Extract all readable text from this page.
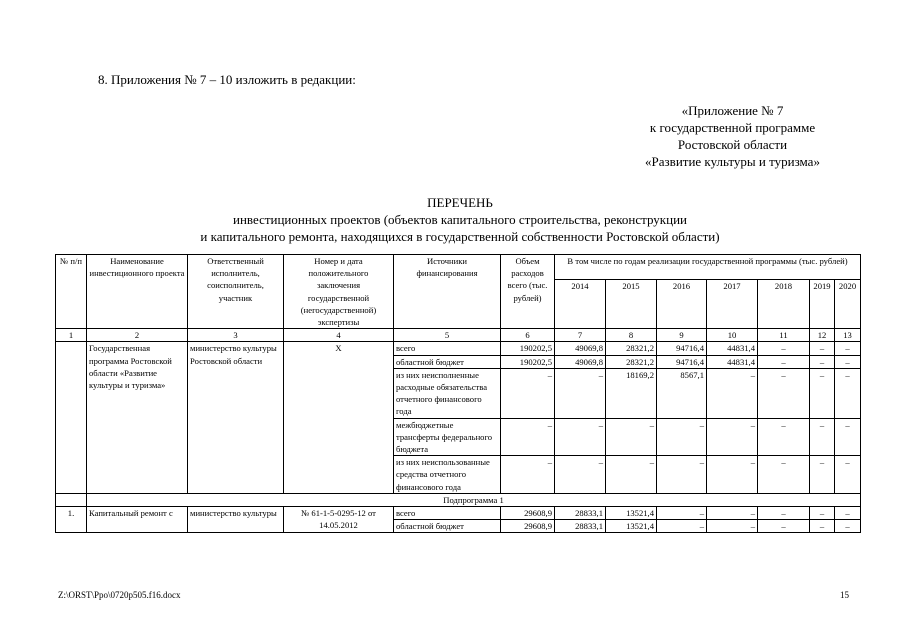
8. Приложения № 7 – 10 изложить в редакции:
«Приложение № 7
к государственной программе
Ростовской области
«Развитие культуры и туризма»
ПЕРЕЧЕНЬ
инвестиционных проектов (объектов капитального строительства, реконструкции
и капитального ремонта, находящихся в государственной собственности Ростовской области)
№ п/п	Наименование инвестиционного проекта	Ответственный исполнитель, соисполнитель, участник	Номер и дата положительного заключения государственной (негосударственной) экспертизы	Источники финансирования	Объем расходов всего (тыс. рублей)	В том числе по годам реализации государственной программы (тыс. рублей)						
						2014	2015	2016	2017	2018	2019	2020
1	2	3	4	5	6	7	8	9	10	11	12	13
	Государственная программа Ростовской области «Развитие культуры и туризма»	министерство культуры Ростовской области	Х	всего	190202,5	49069,8	28321,2	94716,4	44831,4	–	–	–
				областной бюджет	190202,5	49069,8	28321,2	94716,4	44831,4	–	–	–
				из них неисполненные расходные обязательства отчетного финансового года	–	–	18169,2	8567,1	–	–	–	–
				межбюджетные трансферты федерального бюджета	–	–	–	–	–	–	–	–
				из них неиспользованные средства отчетного финансового года	–	–	–	–	–	–	–	–
	Подпрограмма 1											
1.	Капитальный ремонт с	министерство культуры	№ 61-1-5-0295-12 от 14.05.2012	всего	29608,9	28833,1	13521,4	–	–	–	–	–
				областной бюджет	29608,9	28833,1	13521,4	–	–	–	–	–
Z:\ORST\Ppo\0720p505.f16.docx	15
